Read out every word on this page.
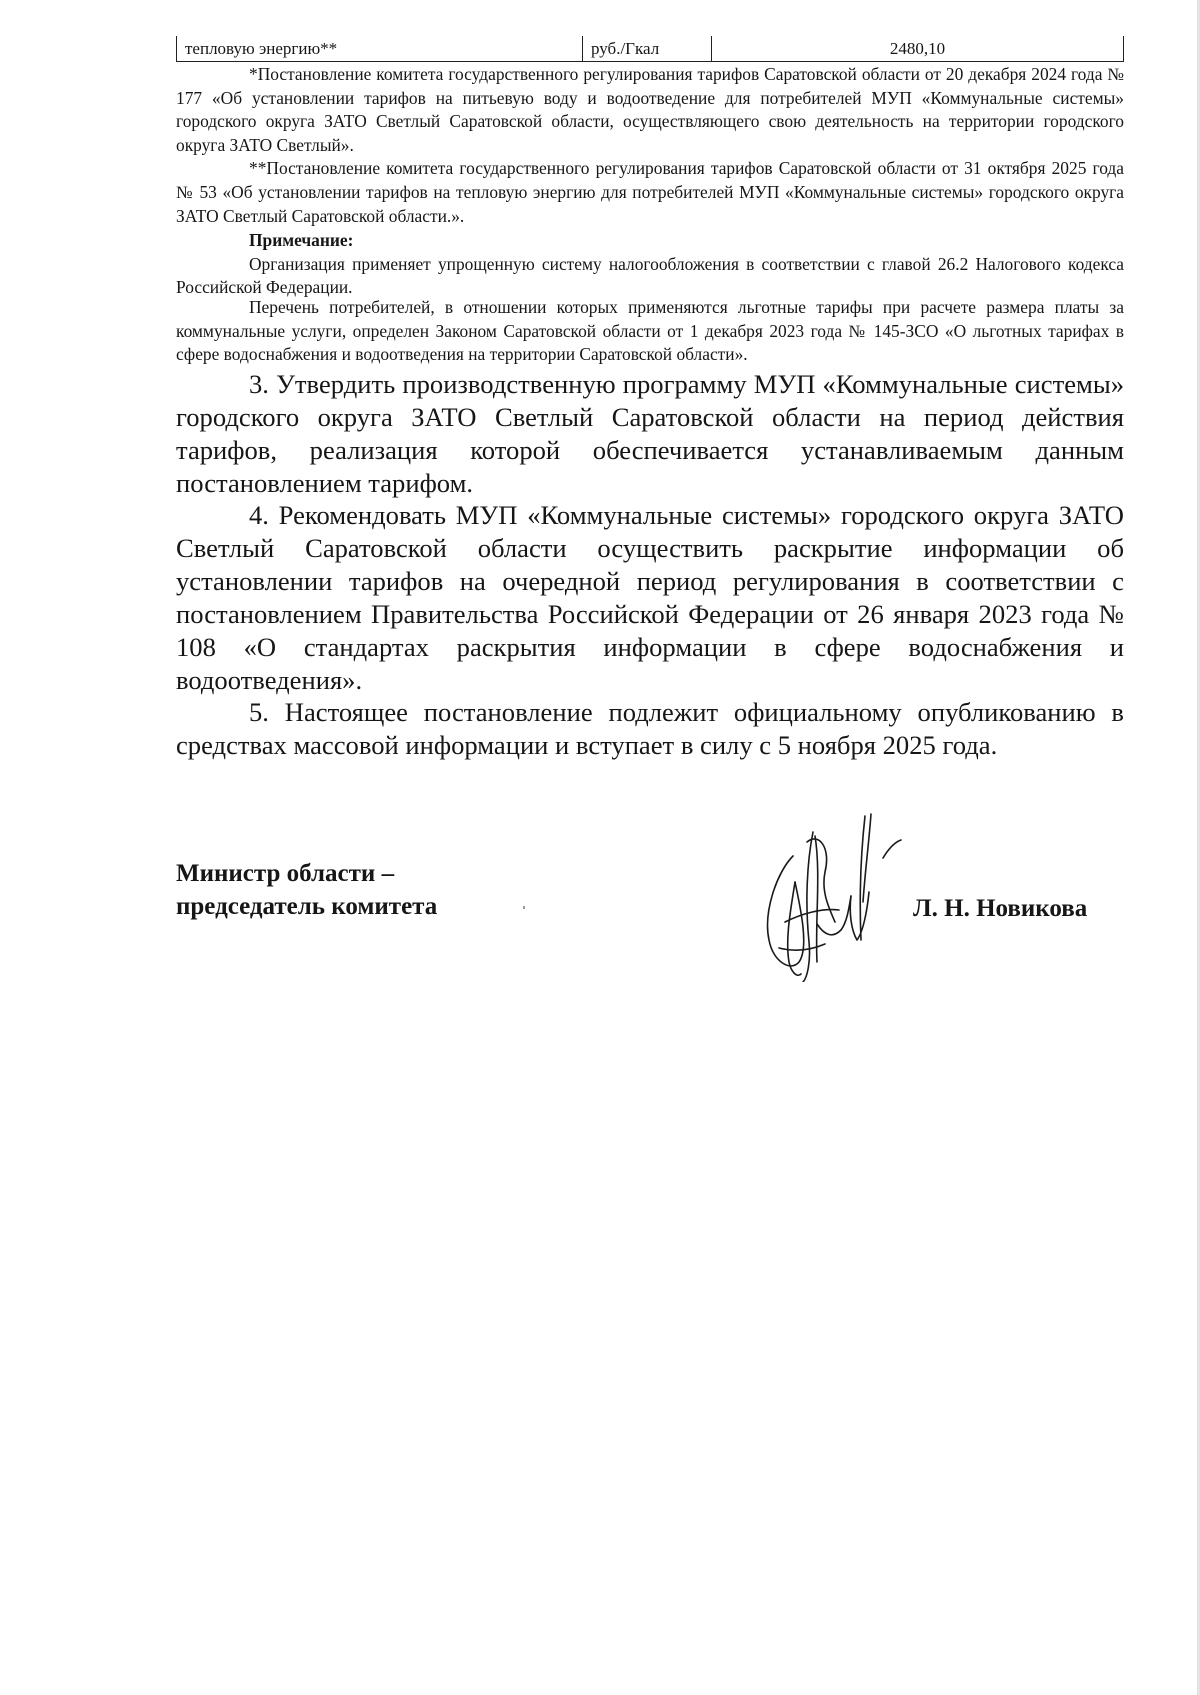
тепловую энергию**	руб./Гкал	2480,10

*Постановление комитета государственного регулирования тарифов Саратовской области от 20 декабря 2024 года № 177 «Об установлении тарифов на питьевую воду и водоотведение для потребителей МУП «Коммунальные системы» городского округа ЗАТО Светлый Саратовской области, осуществляющего свою деятельность на территории городского округа ЗАТО Светлый».

**Постановление комитета государственного регулирования тарифов Саратовской области от 31 октября 2025 года № 53 «Об установлении тарифов на тепловую энергию для потребителей МУП «Коммунальные системы» городского округа ЗАТО Светлый Саратовской области.».

Примечание:

Организация применяет упрощенную систему налогообложения в соответствии с главой 26.2 Налогового кодекса Российской Федерации.

Перечень потребителей, в отношении которых применяются льготные тарифы при расчете размера платы за коммунальные услуги, определен Законом Саратовской области от 1 декабря 2023 года № 145-ЗСО «О льготных тарифах в сфере водоснабжения и водоотведения на территории Саратовской области».

3. Утвердить производственную программу МУП «Коммунальные системы» городского округа ЗАТО Светлый Саратовской области на период действия тарифов, реализация которой обеспечивается устанавливаемым данным постановлением тарифом.

4. Рекомендовать МУП «Коммунальные системы» городского округа ЗАТО Светлый Саратовской области осуществить раскрытие информации об установлении тарифов на очередной период регулирования в соответствии с постановлением Правительства Российской Федерации от 26 января 2023 года № 108 «О стандартах раскрытия информации в сфере водоснабжения и водоотведения».

5. Настоящее постановление подлежит официальному опубликованию в средствах массовой информации и вступает в силу с 5 ноября 2025 года.

Министр области –
председатель комитета	Л. Н. Новикова
